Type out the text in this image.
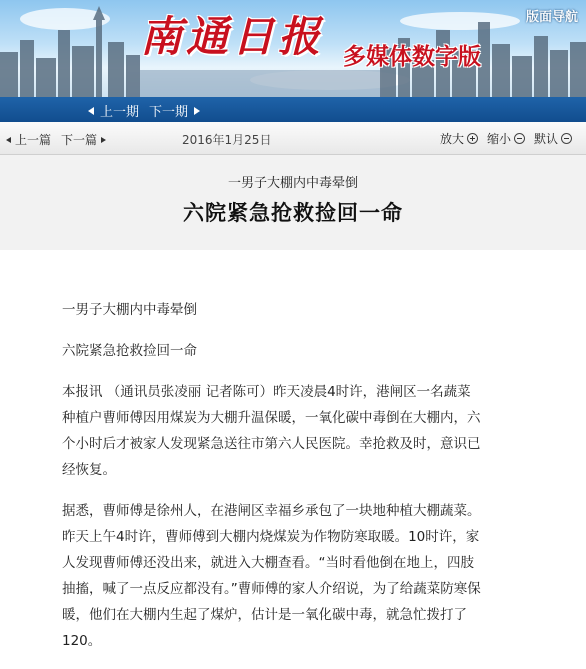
南通日报 多媒体数字版
版面导航
上一期 下一期
上一篇 下一篇	2016年1月25日	放大 缩小 默认
一男子大棚内中毒晕倒
六院紧急抢救捡回一命

一男子大棚内中毒晕倒

六院紧急抢救捡回一命

本报讯 （通讯员张凌丽 记者陈可）昨天凌晨4时许，港闸区一名蔬菜种植户曹师傅因用煤炭为大棚升温保暖，一氧化碳中毒倒在大棚内，六个小时后才被家人发现紧急送往市第六人民医院。幸抢救及时，意识已经恢复。

据悉，曹师傅是徐州人，在港闸区幸福乡承包了一块地种植大棚蔬菜。昨天上午4时许，曹师傅到大棚内烧煤炭为作物防寒取暖。10时许，家人发现曹师傅还没出来，就进入大棚查看。“当时看他倒在地上，四肢抽搐，喊了一点反应都没有。”曹师傅的家人介绍说，为了给蔬菜防寒保暖，他们在大棚内生起了煤炉，估计是一氧化碳中毒，就急忙拨打了120。
